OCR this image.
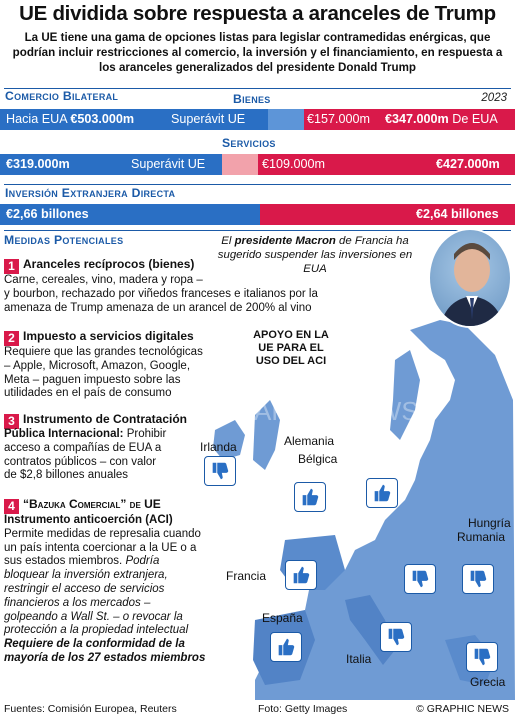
UE dividida sobre respuesta a aranceles de Trump
La UE tiene una gama de opciones listas para legislar contramedidas enérgicas, que podrían incluir restricciones al comercio, la inversión y el financiamiento, en respuesta a los aranceles generalizados del presidente Donald Trump
Comercio Bilateral	Bienes	2023
Hacia EUA €503.000m	Superávit UE	€157.000m €347.000m De EUA
Servicios
€319.000m	Superávit UE	€109.000m	€427.000m
Inversión Extranjera Directa
€2,66 billones	€2,64 billones
GRAPHIC NEWS
Medidas Potenciales
1 Aranceles recíprocos (bienes)
Carne, cereales, vino, madera y ropa –
y bourbon, rechazado por viñedos franceses e italianos por la
amenaza de Trump amenaza de un arancel de 200% al vino
2 Impuesto a servicios digitales
Requiere que las grandes tecnológicas
– Apple, Microsoft, Amazon, Google,
Meta – paguen impuesto sobre las
utilidades en el país de consumo
3 Instrumento de Contratación
Pública Internacional: Prohibir
acceso a compañías de EUA a
contratos públicos – con valor
de $2,8 billones anuales
4 “Bazuka Comercial” de UE
Instrumento anticoerción (ACI)
Permite medidas de represalia cuando
un país intenta coercionar a la UE o a
sus estados miembros. Podría
bloquear la inversión extranjera,
restringir el acceso de servicios
financieros a los mercados –
golpeando a Wall St. – o revocar la
protección a la propiedad intelectual
Requiere de la conformidad de la
mayoría de los 27 estados miembros
El presidente Macron de Francia ha sugerido suspender las inversiones en EUA
APOYO EN LA UE PARA EL USO DEL ACI
Irlanda	Alemania
Bélgica
Hungría
Rumania
Francia
España
Italia
Grecia
Fuentes: Comisión Europea, Reuters	Foto: Getty Images	© GRAPHIC NEWS
